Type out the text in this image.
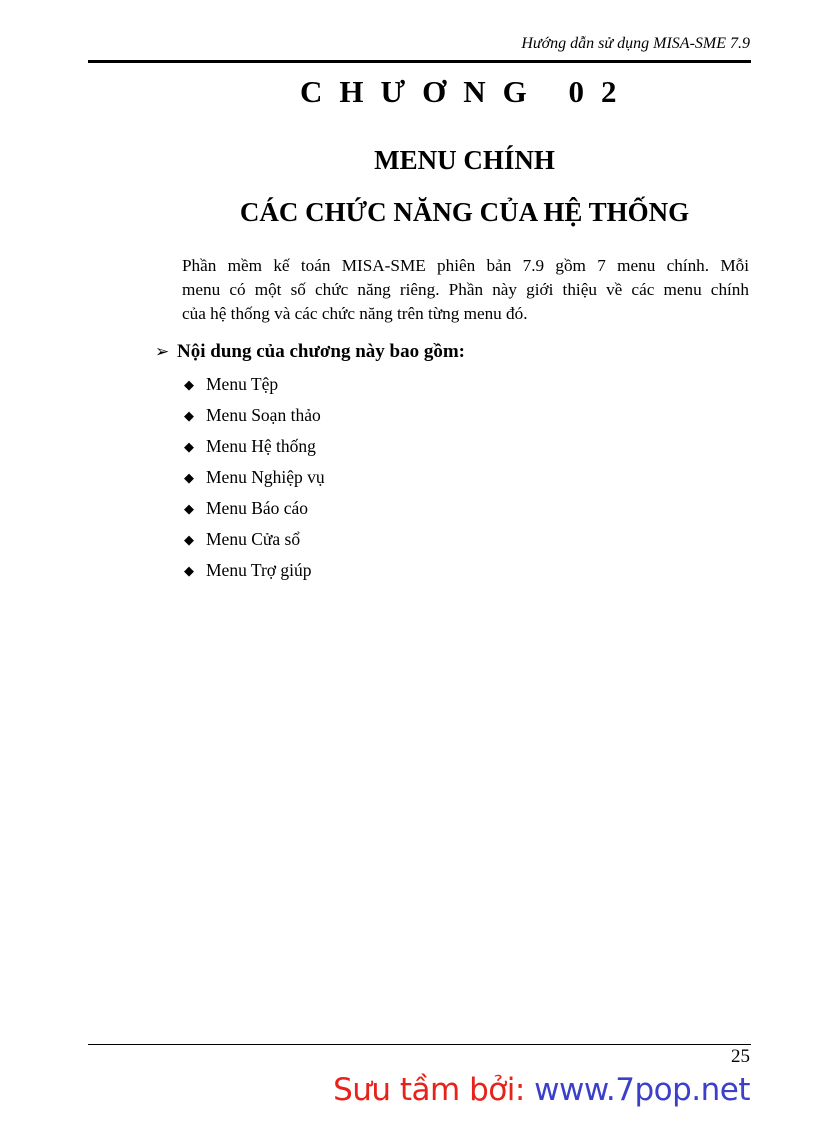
Hướng dẫn sử dụng MISA-SME 7.9
CHƯƠNG 02
MENU CHÍNH
CÁC CHỨC NĂNG CỦA HỆ THỐNG
Phần mềm kế toán MISA-SME phiên bản 7.9 gồm 7 menu chính. Mỗi
menu có một số chức năng riêng. Phần này giới thiệu về các menu chính
của hệ thống và các chức năng trên từng menu đó.
➢ Nội dung của chương này bao gồm:
◆ Menu Tệp
◆ Menu Soạn thảo
◆ Menu Hệ thống
◆ Menu Nghiệp vụ
◆ Menu Báo cáo
◆ Menu Cửa sổ
◆ Menu Trợ giúp
25
Sưu tầm bởi: www.7pop.net
